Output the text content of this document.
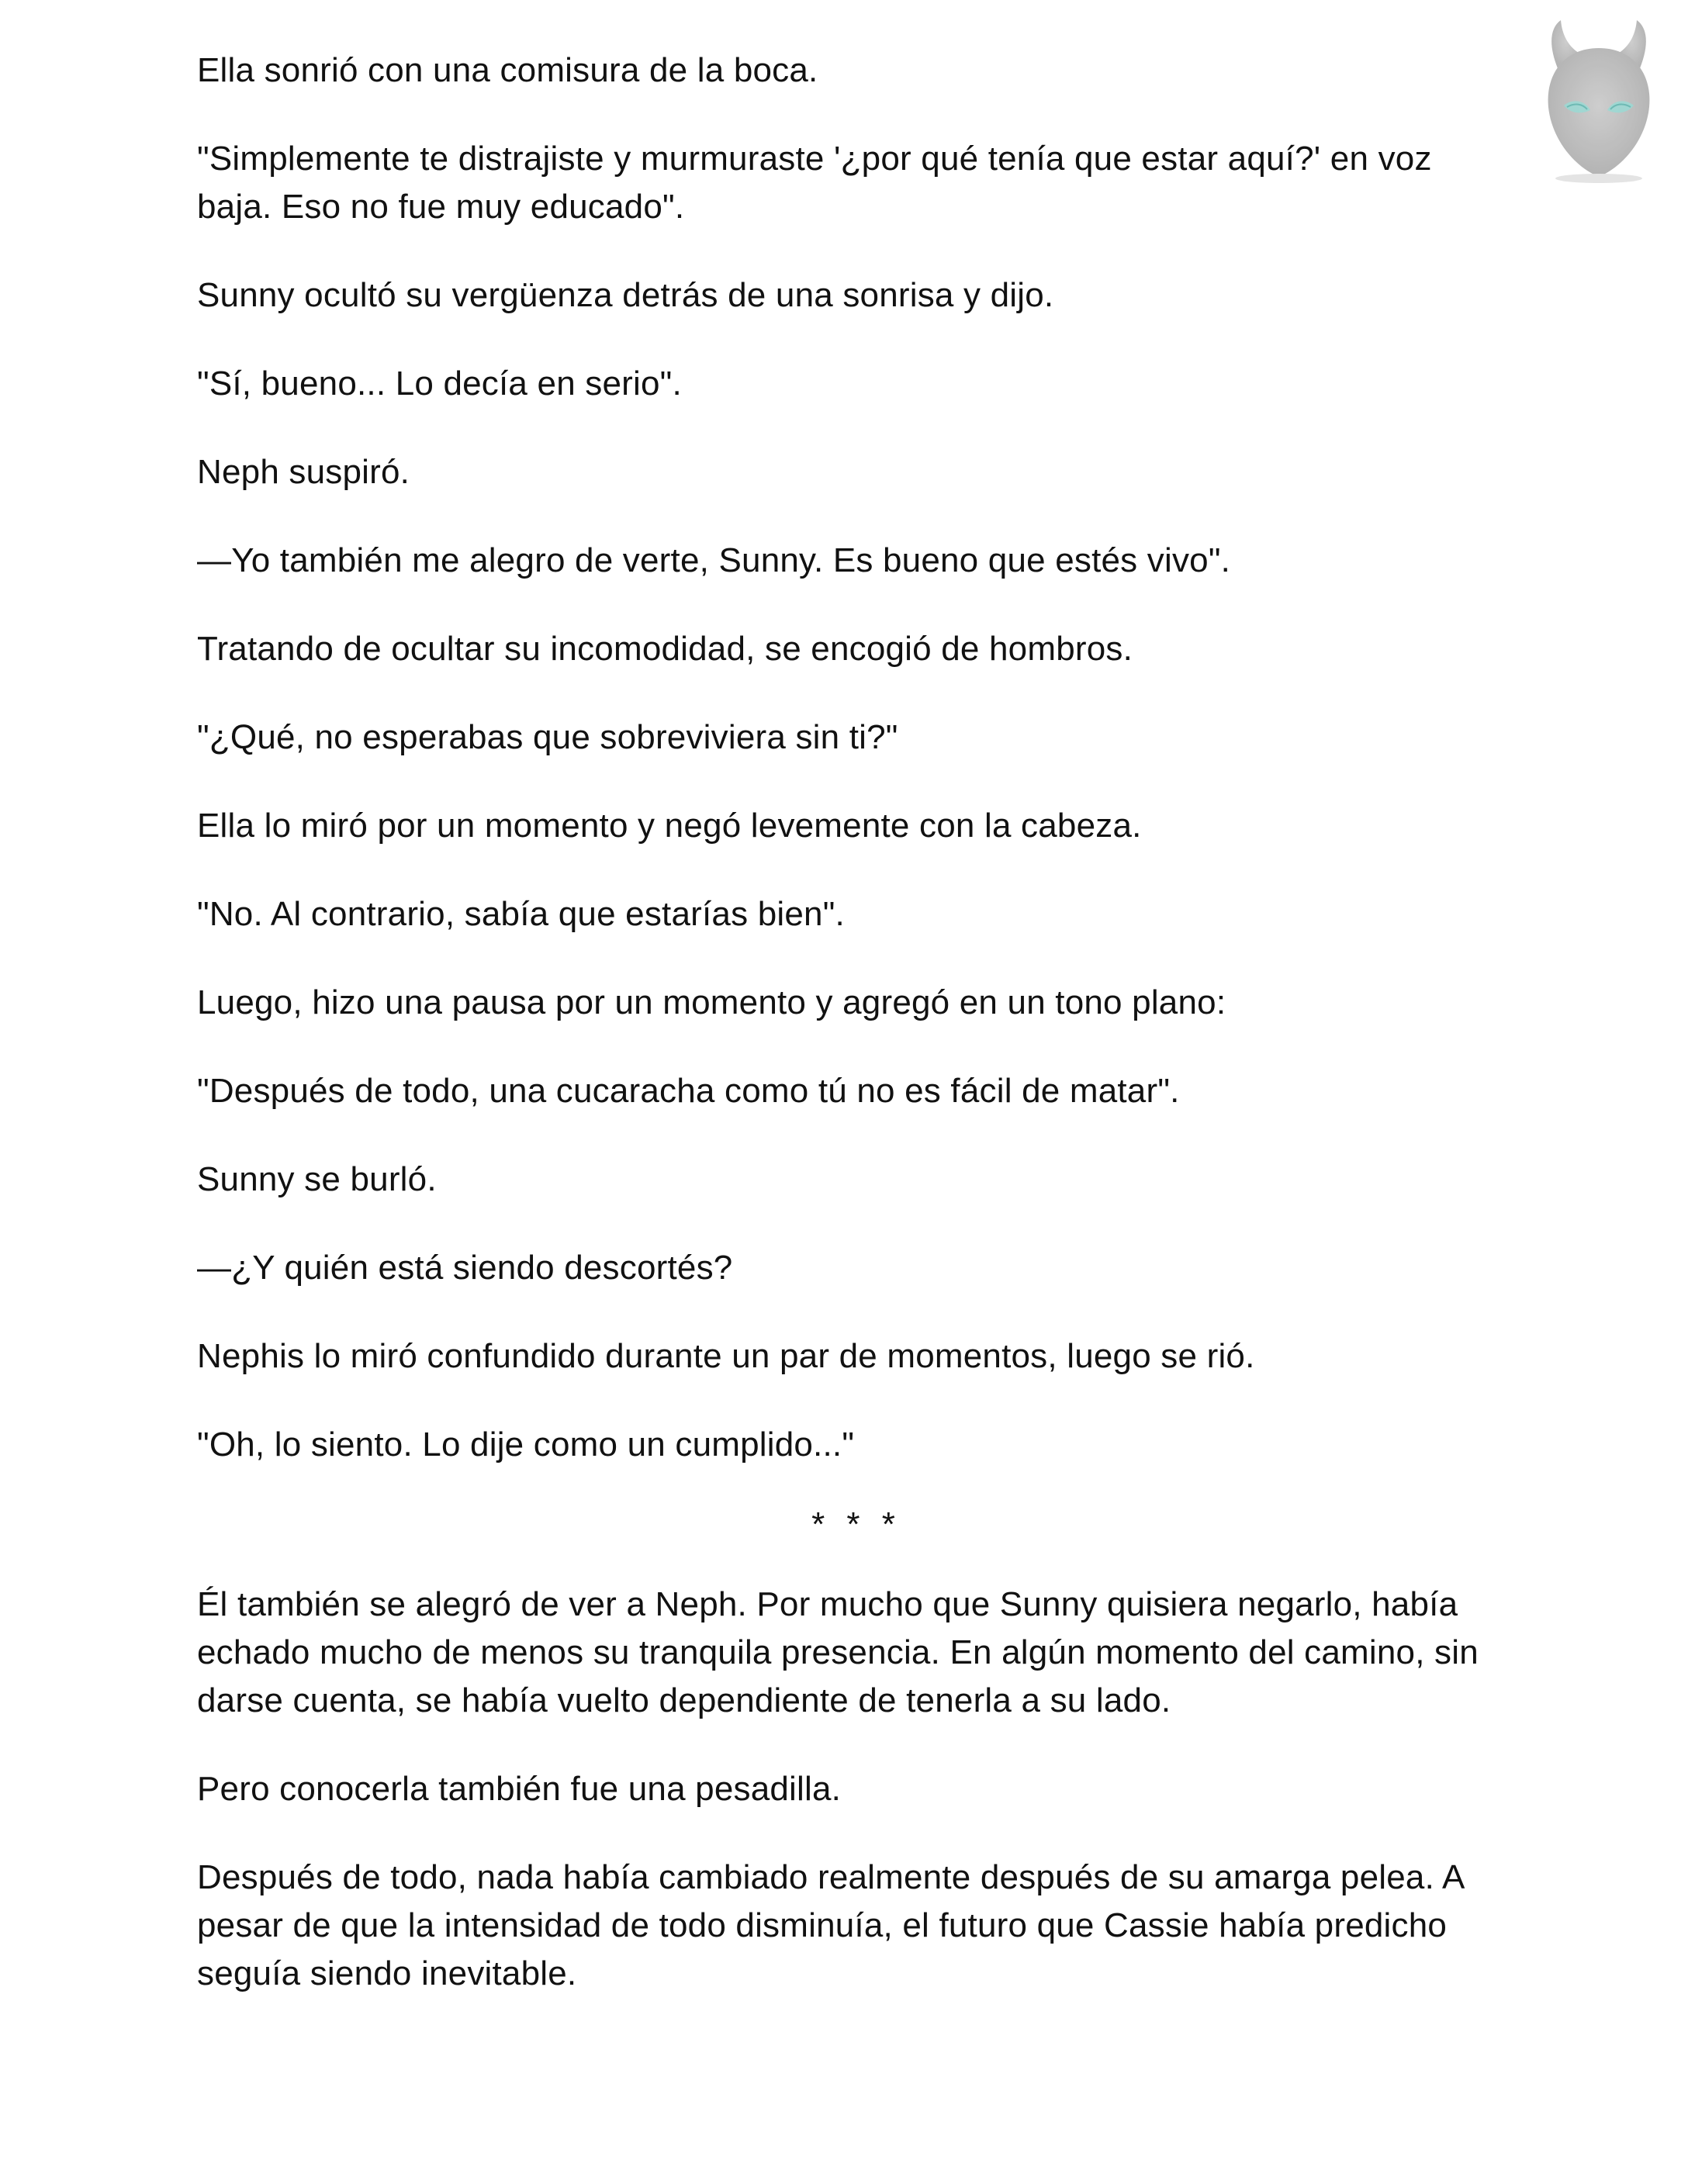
Ella sonrió con una comisura de la boca.

"Simplemente te distrajiste y murmuraste '¿por qué tenía que estar aquí?' en voz baja. Eso no fue muy educado".

Sunny ocultó su vergüenza detrás de una sonrisa y dijo.

"Sí, bueno... Lo decía en serio".

Neph suspiró.

—Yo también me alegro de verte, Sunny. Es bueno que estés vivo".

Tratando de ocultar su incomodidad, se encogió de hombros.

"¿Qué, no esperabas que sobreviviera sin ti?"

Ella lo miró por un momento y negó levemente con la cabeza.

"No. Al contrario, sabía que estarías bien".

Luego, hizo una pausa por un momento y agregó en un tono plano:

"Después de todo, una cucaracha como tú no es fácil de matar".

Sunny se burló.

—¿Y quién está siendo descortés?

Nephis lo miró confundido durante un par de momentos, luego se rió.

"Oh, lo siento. Lo dije como un cumplido..."

* * *

Él también se alegró de ver a Neph. Por mucho que Sunny quisiera negarlo, había echado mucho de menos su tranquila presencia. En algún momento del camino, sin darse cuenta, se había vuelto dependiente de tenerla a su lado.

Pero conocerla también fue una pesadilla.

Después de todo, nada había cambiado realmente después de su amarga pelea. A pesar de que la intensidad de todo disminuía, el futuro que Cassie había predicho seguía siendo inevitable.
